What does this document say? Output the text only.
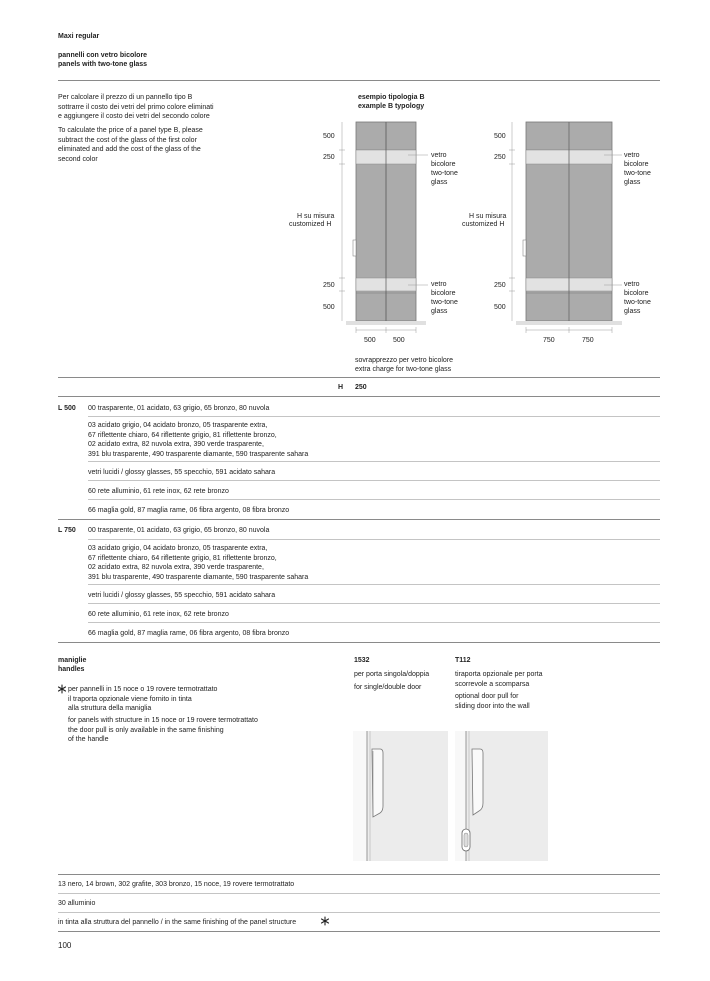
Maxi regular
pannelli con vetro bicolore
panels with two-tone glass
Per calcolare il prezzo di un pannello tipo B
sottrarre il costo dei vetri del primo colore eliminati
e aggiungere il costo dei vetri del secondo colore
To calculate the price of a panel type B, please
subtract the cost of the glass of the first color
eliminated and add the cost of the glass of the
second color
esempio tipologia B
example B typology
500
250
H su misura
customized H
250
500
500 500
vetro
bicolore
two-tone
glass
vetro
bicolore
two-tone
glass
500
250
H su misura
customized H
250
500
750	750
vetro
bicolore
two-tone
glass
vetro
bicolore
two-tone
glass
sovrapprezzo per vetro bicolore
extra charge for two-tone glass
H 250
L 500 00 trasparente, 01 acidato, 63 grigio, 65 bronzo, 80 nuvola
03 acidato grigio, 04 acidato bronzo, 05 trasparente extra,
67 riflettente chiaro, 64 riflettente grigio, 81 riflettente bronzo,
02 acidato extra, 82 nuvola extra, 390 verde trasparente,
391 blu trasparente, 490 trasparente diamante, 590 trasparente sahara
vetri lucidi / glossy glasses, 55 specchio, 591 acidato sahara
60 rete alluminio, 61 rete inox, 62 rete bronzo
66 maglia gold, 87 maglia rame, 06 fibra argento, 08 fibra bronzo
L 750 00 trasparente, 01 acidato, 63 grigio, 65 bronzo, 80 nuvola
03 acidato grigio, 04 acidato bronzo, 05 trasparente extra,
67 riflettente chiaro, 64 riflettente grigio, 81 riflettente bronzo,
02 acidato extra, 82 nuvola extra, 390 verde trasparente,
391 blu trasparente, 490 trasparente diamante, 590 trasparente sahara
vetri lucidi / glossy glasses, 55 specchio, 591 acidato sahara
60 rete alluminio, 61 rete inox, 62 rete bronzo
66 maglia gold, 87 maglia rame, 06 fibra argento, 08 fibra bronzo
maniglie
handles
per pannelli in 15 noce o 19 rovere termotrattato
il traporta opzionale viene fornito in tinta
alla struttura della maniglia
for panels with structure in 15 noce or 19 rovere termotrattato
the door pull is only available in the same finishing
of the handle
1532
per porta singola/doppia
for single/double door
T112
tiraporta opzionale per porta
scorrevole a scomparsa
optional door pull for
sliding door into the wall
13 nero, 14 brown, 302 grafite, 303 bronzo, 15 noce, 19 rovere termotrattato
30 alluminio
in tinta alla struttura del pannello / in the same finishing of the panel structure
100
